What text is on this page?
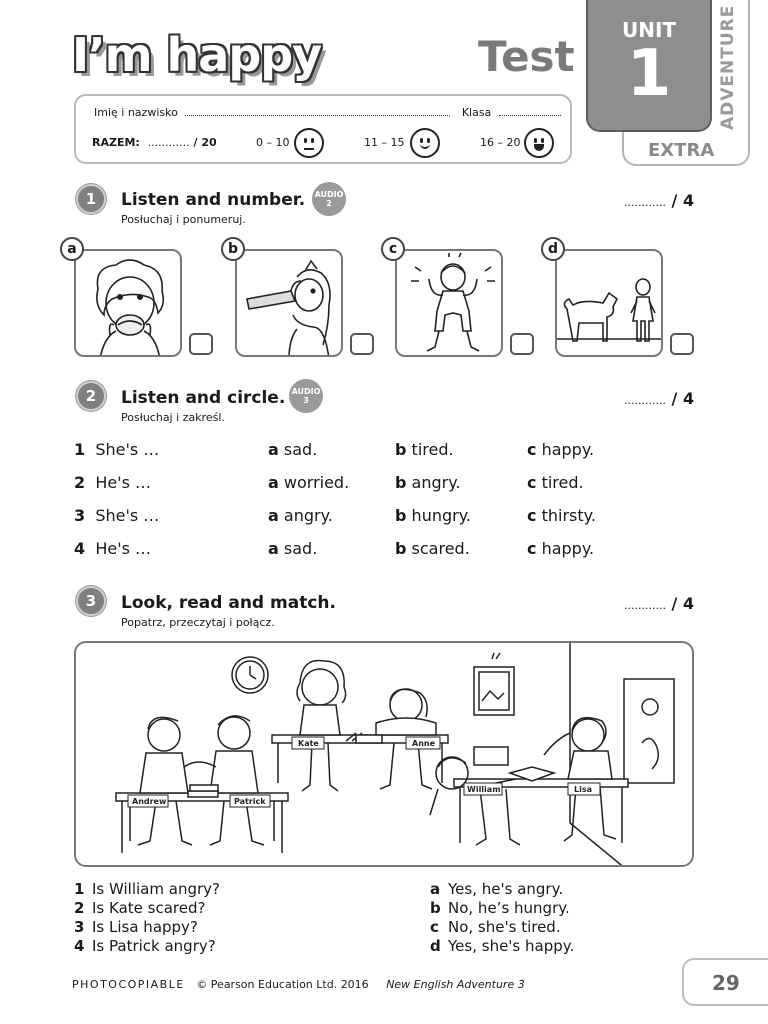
I’m happy	Test	ADVENTURE
EXTRA
UNIT
1
Imię i nazwisko	Klasa
RAZEM: ............ / 20	0 – 10	11 – 15	16 – 20
1	Listen and number.
Posłuchaj i ponumeruj.
AUDIO
2	............ / 4
a	b	c	d
2	Listen and circle.
Posłuchaj i zakreśl.
AUDIO
3	............ / 4
1 She's …	a sad.	b tired.	c happy.
2 He's …	a worried.	b angry.	c tired.
3 She's …	a angry.	b hungry.	c thirsty.
4 He's …	a sad.	b scared.	c happy.
3	Look, read and match.
Popatrz, przeczytaj i połącz.
............ / 4
Andrew	Patrick
Kate	Anne
William	Lisa
1 Is William angry?
2 Is Kate scared?
3 Is Lisa happy?
4 Is Patrick angry?
a Yes, he's angry.
b No, he’s hungry.
c No, she's tired.
d Yes, she's happy.
PHOTOCOPIABLE © Pearson Education Ltd. 2016 New English Adventure 3	29
